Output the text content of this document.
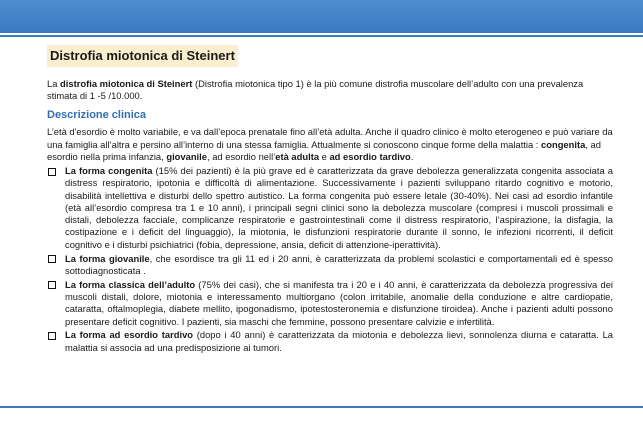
Distrofia miotonica di Steinert

La distrofia miotonica di Steinert (Distrofia miotonica tipo 1) è la più comune distrofia muscolare dell’adulto con una prevalenza stimata di 1 -5 /10.000.

Descrizione clinica

L’età d'esordio è molto variabile, e va dall’epoca prenatale fino all’età adulta. Anche il quadro clinico è molto eterogeneo e può variare da una famiglia all’altra e persino all’interno di una stessa famiglia. Attualmente si conoscono cinque forme della malattia : congenita, ad esordio nella prima infanzia, giovanile, ad esordio nell’età adulta e ad esordio tardivo.

La forma congenita (15% dei pazienti) è la più grave ed è caratterizzata da grave debolezza generalizzata congenita associata a distress respiratorio, ipotonia e difficoltà di alimentazione. Successivamente i pazienti sviluppano ritardo cognitivo e motorio, disabilità intellettiva e disturbi dello spettro autistico. La forma congenita può essere letale (30-40%). Nei casi ad esordio infantile (età all’esordio compresa tra 1 e 10 anni), i principali segni clinici sono la debolezza muscolare (compresi i muscoli prossimali e distali, debolezza facciale, complicanze respiratorie e gastrointestinali come il distress respiratorio, l’aspirazione, la disfagia, la costipazione e i deficit del linguaggio), la miotonia, le disfunzioni respiratorie durante il sonno, le infezioni ricorrenti, il deficit cognitivo e i disturbi psichiatrici (fobia, depressione, ansia, deficit di attenzione-iperattività).
La forma giovanile, che esordisce tra gli 11 ed i 20 anni, è caratterizzata da problemi scolastici e comportamentali ed è spesso sottodiagnosticata .
La forma classica dell’adulto (75% dei casi), che si manifesta tra i 20 e i 40 anni, è caratterizzata da debolezza progressiva dei muscoli distali, dolore, miotonia e interessamento multiorgano (colon irritabile, anomalie della conduzione e altre cardiopatie, cataratta, oftalmoplegia, diabete mellito, ipogonadismo, ipotestosteronemia e disfunzione tiroidea). Anche i pazienti adulti possono presentare deficit cognitivo. I pazienti, sia maschi che femmine, possono presentare calvizie e infertilità.
La forma ad esordio tardivo (dopo i 40 anni) è caratterizzata da miotonia e debolezza lievi, sonnolenza diurna e cataratta. La malattia si associa ad una predisposizione ai tumori.
